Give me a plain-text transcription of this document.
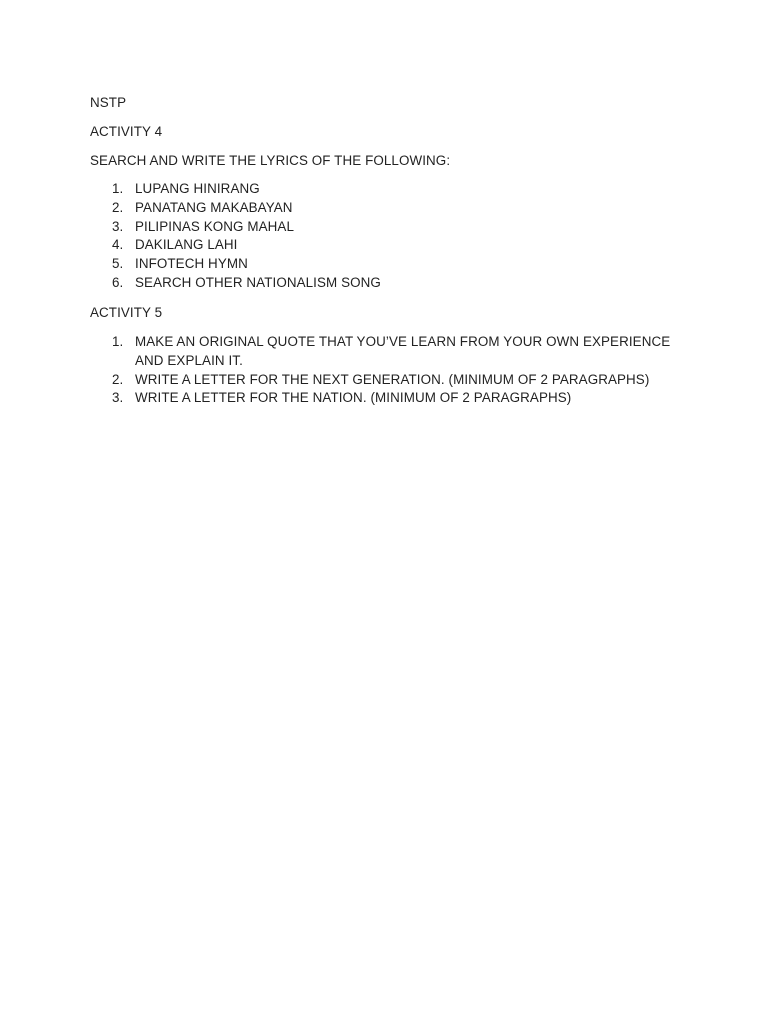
NSTP

ACTIVITY 4

SEARCH AND WRITE THE LYRICS OF THE FOLLOWING:

1. LUPANG HINIRANG
2. PANATANG MAKABAYAN
3. PILIPINAS KONG MAHAL
4. DAKILANG LAHI
5. INFOTECH HYMN
6. SEARCH OTHER NATIONALISM SONG

ACTIVITY 5

1. MAKE AN ORIGINAL QUOTE THAT YOU’VE LEARN FROM YOUR OWN EXPERIENCE
AND EXPLAIN IT.
2. WRITE A LETTER FOR THE NEXT GENERATION. (MINIMUM OF 2 PARAGRAPHS)
3. WRITE A LETTER FOR THE NATION. (MINIMUM OF 2 PARAGRAPHS)
